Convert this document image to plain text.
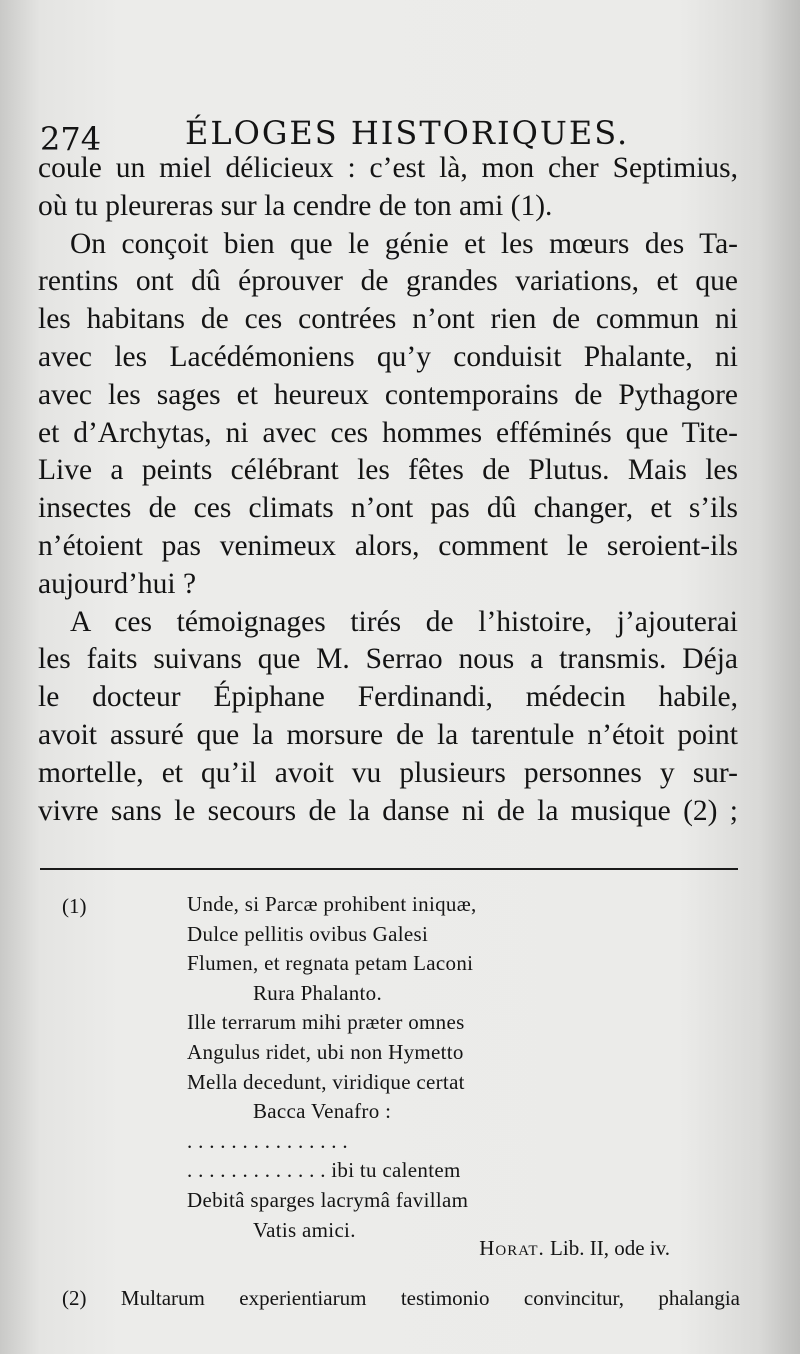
274	ÉLOGES HISTORIQUES.
coule un miel délicieux : c’est là, mon cher Septimius,
où tu pleureras sur la cendre de ton ami (1).
On conçoit bien que le génie et les mœurs des Ta-
rentins ont dû éprouver de grandes variations, et que
les habitans de ces contrées n’ont rien de commun ni
avec les Lacédémoniens qu’y conduisit Phalante, ni
avec les sages et heureux contemporains de Pythagore
et d’Archytas, ni avec ces hommes efféminés que Tite-
Live a peints célébrant les fêtes de Plutus. Mais les
insectes de ces climats n’ont pas dû changer, et s’ils
n’étoient pas venimeux alors, comment le seroient-ils
aujourd’hui ?
A ces témoignages tirés de l’histoire, j’ajouterai
les faits suivans que M. Serrao nous a transmis. Déja
le docteur Épiphane Ferdinandi, médecin habile,
avoit assuré que la morsure de la tarentule n’étoit point
mortelle, et qu’il avoit vu plusieurs personnes y sur-
vivre sans le secours de la danse ni de la musique (2) ;
(1)	Unde, si Parcæ prohibent iniquæ,
Dulce pellitis ovibus Galesi
Flumen, et regnata petam Laconi
Rura Phalanto.
Ille terrarum mihi præter omnes
Angulus ridet, ubi non Hymetto
Mella decedunt, viridique certat
Bacca Venafro :
. . . . . . . . . . . . . . .
. . . . . . . . . . . . . ibi tu calentem
Debitâ sparges lacrymâ favillam
Vatis amici.
Horat. Lib. II, ode iv.
(2) Multarum experientiarum testimonio convincitur, phalangia
